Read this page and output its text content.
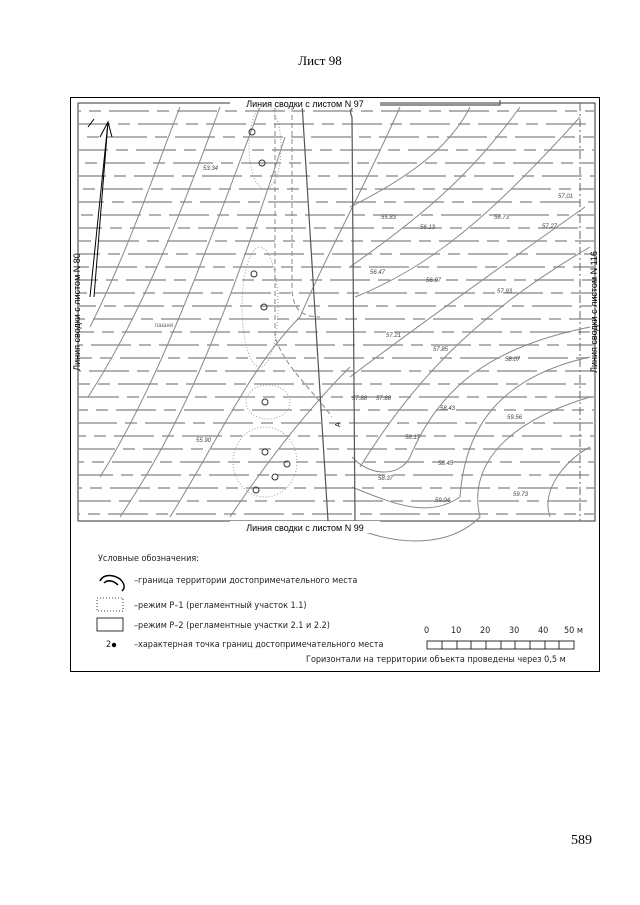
Лист 98
Линия сводки с листом N 97
Линия сводки с листом N 99
Линия сводки с листом N 80	Линия сводки с листом N 116
пашня
А
53.34
55.83
56.13
56.73
57.01
57.27
56.47
56.97
57.93
57.21
57.85
58.07
57.88 57.88
58.43
59.56
58.17
55.90
58.45
58.37
59.04
59.73
Условные обозначения:
–граница территории достопримечательного места
–режим Р–1 (регламентный участок 1.1)
–режим Р–2 (регламентные участки 2.1 и 2.2)
2	–характерная точка границ достопримечательного места
0 10 20 30 40 50 м
Горизонтали на территории объекта проведены через 0,5 м
589
